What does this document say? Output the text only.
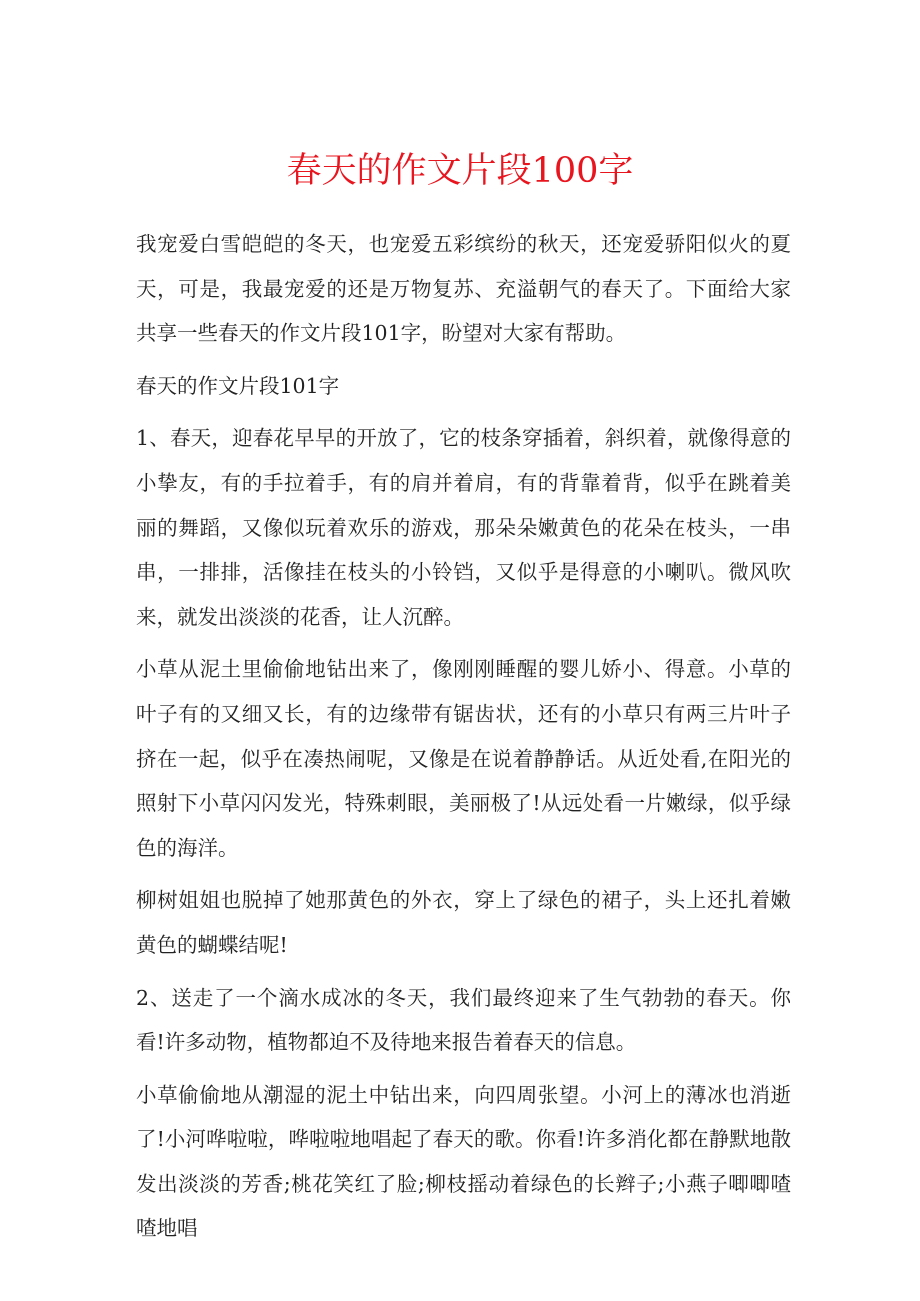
春天的作文片段100字

我宠爱白雪皑皑的冬天，也宠爱五彩缤纷的秋天，还宠爱骄阳似火的夏天，可是，我最宠爱的还是万物复苏、充溢朝气的春天了。下面给大家共享一些春天的作文片段101字，盼望对大家有帮助。

春天的作文片段101字

1、春天，迎春花早早的开放了，它的枝条穿插着，斜织着，就像得意的小挚友，有的手拉着手，有的肩并着肩，有的背靠着背，似乎在跳着美丽的舞蹈，又像似玩着欢乐的游戏，那朵朵嫩黄色的花朵在枝头，一串串，一排排，活像挂在枝头的小铃铛，又似乎是得意的小喇叭。微风吹来，就发出淡淡的花香，让人沉醉。

小草从泥土里偷偷地钻出来了，像刚刚睡醒的婴儿娇小、得意。小草的叶子有的又细又长，有的边缘带有锯齿状，还有的小草只有两三片叶子挤在一起，似乎在凑热闹呢，又像是在说着静静话。从近处看,在阳光的照射下小草闪闪发光，特殊刺眼，美丽极了!从远处看一片嫩绿，似乎绿色的海洋。

柳树姐姐也脱掉了她那黄色的外衣，穿上了绿色的裙子，头上还扎着嫩黄色的蝴蝶结呢!

2、送走了一个滴水成冰的冬天，我们最终迎来了生气勃勃的春天。你看!许多动物，植物都迫不及待地来报告着春天的信息。

小草偷偷地从潮湿的泥土中钻出来，向四周张望。小河上的薄冰也消逝了!小河哗啦啦，哗啦啦地唱起了春天的歌。你看!许多消化都在静默地散发出淡淡的芳香;桃花笑红了脸;柳枝摇动着绿色的长辫子;小燕子唧唧喳喳地唱
